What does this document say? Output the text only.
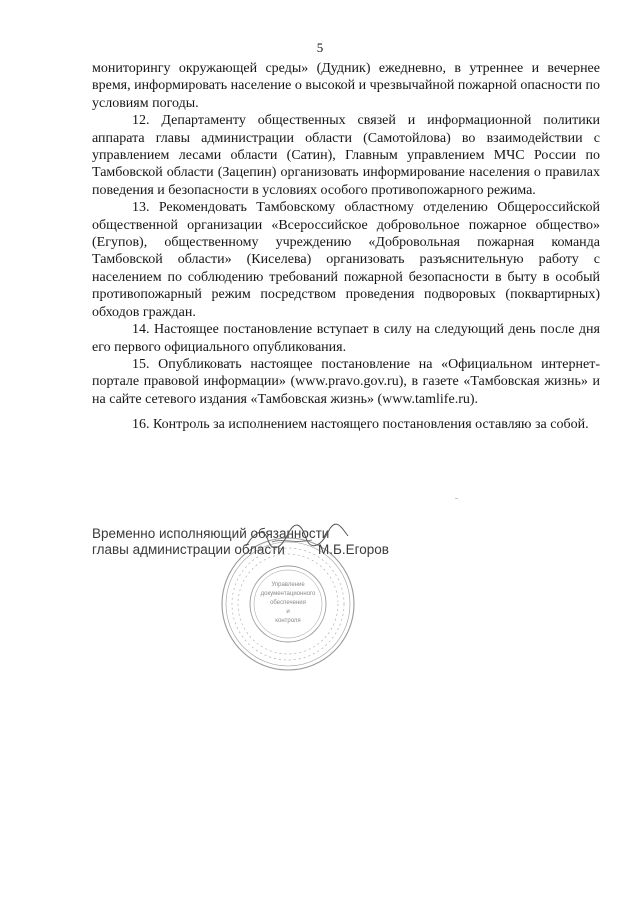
5

мониторингу окружающей среды» (Дудник) ежедневно, в утреннее и вечернее время, информировать население о высокой и чрезвычайной пожарной опасности по условиям погоды.

12. Департаменту общественных связей и информационной политики аппарата главы администрации области (Самотойлова) во взаимодействии с управлением лесами области (Сатин), Главным управлением МЧС России по Тамбовской области (Зацепин) организовать информирование населения о правилах поведения и безопасности в условиях особого противопожарного режима.

13. Рекомендовать Тамбовскому областному отделению Общероссийской общественной организации «Всероссийское добровольное пожарное общество» (Егупов), общественному учреждению «Добровольная пожарная команда Тамбовской области» (Киселева) организовать разъяснительную работу с населением по соблюдению требований пожарной безопасности в быту в особый противопожарный режим посредством проведения подворовых (поквартирных) обходов граждан.

14. Настоящее постановление вступает в силу на следующий день после дня его первого официального опубликования.

15. Опубликовать настоящее постановление на «Официальном интернет-портале правовой информации» (www.pravo.gov.ru), в газете «Тамбовская жизнь» и на сайте сетевого издания «Тамбовская жизнь» (www.tamlife.ru).

16. Контроль за исполнением настоящего постановления оставляю за собой.

Управление
документационного
обеспечения
и
контроля
Временно исполняющий обязанности
главы администрации области	М.Б.Егоров
